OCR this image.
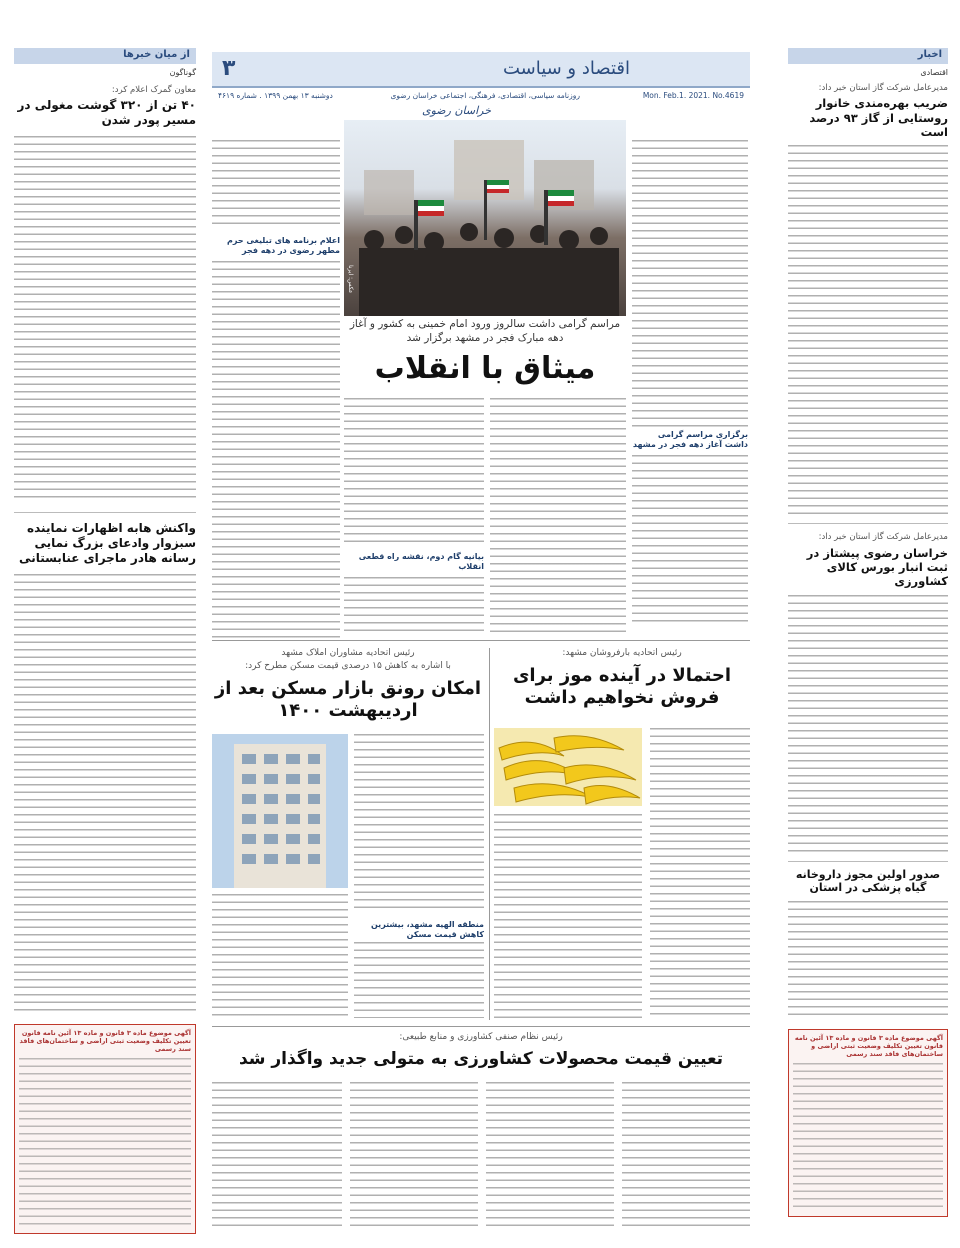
۳	اقتصاد و سیاست
Mon. Feb.1. 2021. No.4619
روزنامه سیاسی، اقتصادی، فرهنگی، اجتماعی خراسان رضوی
دوشنبه ۱۳ بهمن ۱۳۹۹ . شماره ۴۶۱۹
خراسان رضوی
اخبار
اقتصادی
مدیرعامل شرکت گاز استان خبر داد:
ضریب بهره‌مندی خانوار روستایی از گاز ۹۳ درصد است
مدیرعامل شرکت گاز استان خبر داد:
خراسان رضوی پیشتاز در ثبت انبار بورس کالای کشاورزی
صدور اولین مجوز داروخانه گیاه پزشکی در استان
آگهی موضوع ماده ۳ قانون و ماده ۱۳ آئین نامه قانون تعیین تکلیف وضعیت ثبتی اراضی و ساختمان‌های فاقد سند رسمی
از میان خبرها
گوناگون
معاون گمرک اعلام کرد:
۴۰ تن از ۳۲۰ گوشت مغولی در مسیر پودر شدن
واکنش هابه اظهارات نماینده سبزوار وادعای بزرگ نمایی رسانه هادر ماجرای عنابستانی
آگهی موضوع ماده ۳ قانون و ماده ۱۳ آئین نامه قانون تعیین تکلیف وضعیت ثبتی اراضی و ساختمان‌های فاقد سند رسمی
عکس: ایرنا
مراسم گرامی داشت سالروز ورود امام خمینی به کشور و آغاز دهه مبارک فجر در مشهد برگزار شد
میثاق با انقلاب
اعلام برنامه های تبلیغی حرم مطهر رضوی در دهه فجر
برگزاری مراسم گرامی داشت آغاز دهه فجر در مشهد
بیانیه گام دوم، نقشه راه قطعی انقلاب
رئیس اتحادیه بارفروشان مشهد:
احتمالا در آینده موز برای فروش نخواهیم داشت
رئیس اتحادیه مشاوران املاک مشهد
با اشاره به کاهش ۱۵ درصدی قیمت مسکن مطرح کرد:
امکان رونق بازار مسکن بعد از اردیبهشت ۱۴۰۰
منطقه الهیه مشهد، بیشترین کاهش قیمت مسکن
رئیس نظام صنفی کشاورزی و منابع طبیعی:
تعیین قیمت محصولات کشاورزی به متولی جدید واگذار شد
